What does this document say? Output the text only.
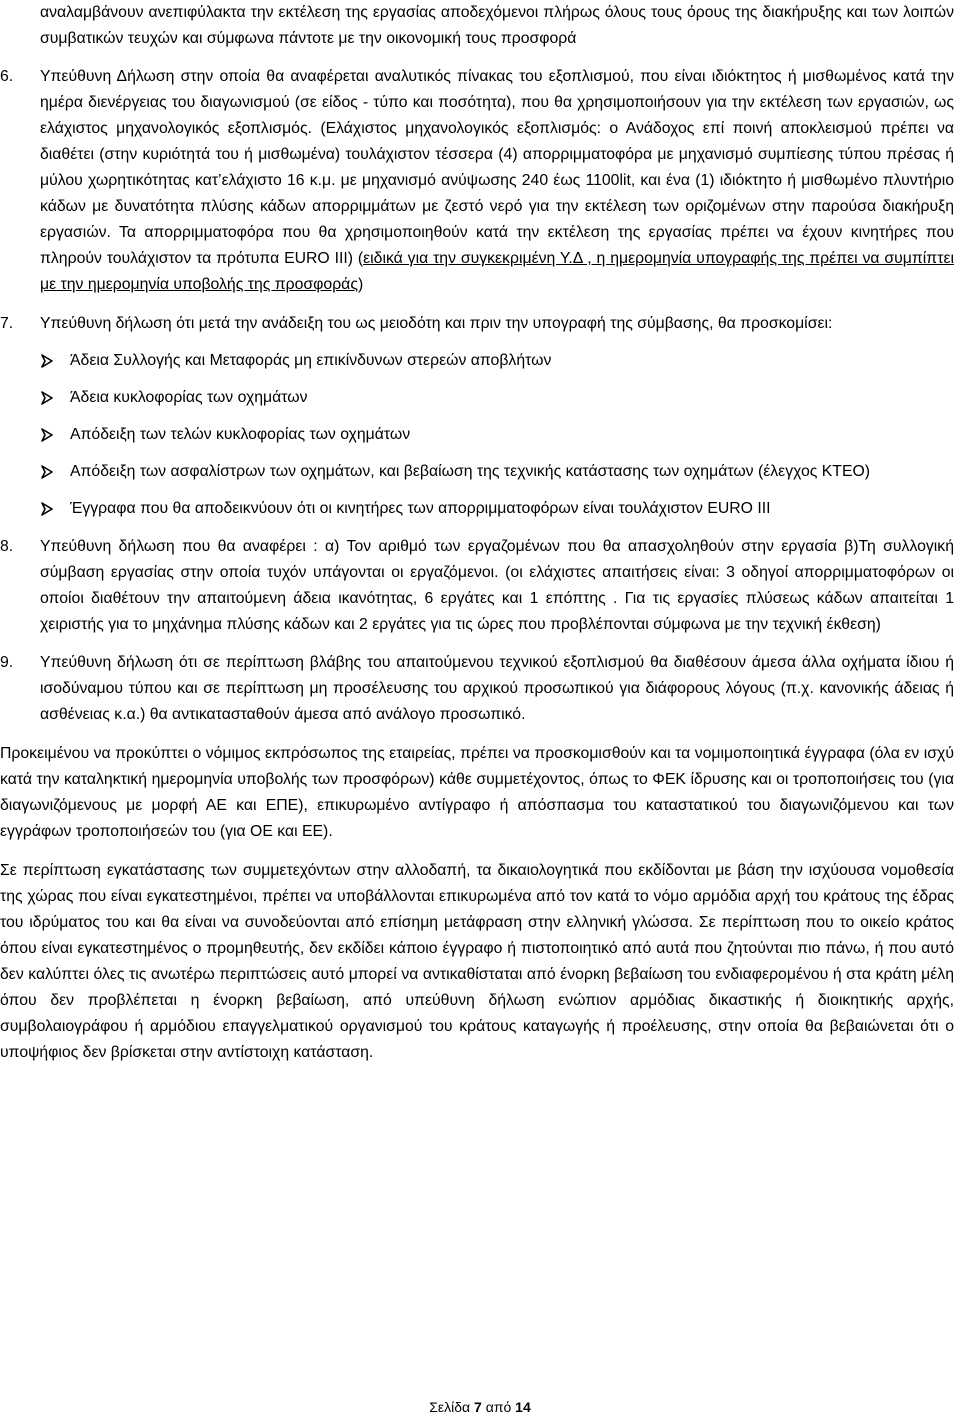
αναλαμβάνουν ανεπιφύλακτα την εκτέλεση της εργασίας αποδεχόμενοι πλήρως όλους τους όρους της διακήρυξης και των λοιπών συμβατικών τευχών και σύμφωνα πάντοτε με την οικονομική τους προσφορά

6.	Υπεύθυνη Δήλωση στην οποία θα αναφέρεται αναλυτικός πίνακας του εξοπλισμού, που είναι ιδιόκτητος ή μισθωμένος κατά την ημέρα διενέργειας του διαγωνισμού (σε είδος - τύπο και ποσότητα), που θα χρησιμοποιήσουν για την εκτέλεση των εργασιών, ως ελάχιστος μηχανολογικός εξοπλισμός. (Ελάχιστος μηχανολογικός εξοπλισμός: ο Ανάδοχος επί ποινή αποκλεισμού πρέπει να διαθέτει (στην κυριότητά του ή μισθωμένα) τουλάχιστον τέσσερα (4) απορριμματοφόρα με μηχανισμό συμπίεσης τύπου πρέσας ή μύλου χωρητικότητας κατ’ελάχιστο 16 κ.μ. με μηχανισμό ανύψωσης 240 έως 1100lit, και ένα (1) ιδιόκτητο ή μισθωμένο πλυντήριο κάδων με δυνατότητα πλύσης κάδων απορριμμάτων με ζεστό νερό για την εκτέλεση των οριζομένων στην παρούσα διακήρυξη εργασιών. Τα απορριμματοφόρα που θα χρησιμοποιηθούν κατά την εκτέλεση της εργασίας πρέπει να έχουν κινητήρες που πληρούν τουλάχιστον τα πρότυπα EURO III) (ειδικά για την συγκεκριμένη Υ.Δ , η ημερομηνία υπογραφής της πρέπει να συμπίπτει με την ημερομηνία υποβολής της προσφοράς)
7.	Υπεύθυνη δήλωση ότι μετά την ανάδειξη του ως μειοδότη και πριν την υπογραφή της σύμβασης, θα προσκομίσει:
Άδεια Συλλογής και Μεταφοράς μη επικίνδυνων στερεών αποβλήτων
Άδεια κυκλοφορίας των οχημάτων
Απόδειξη των τελών κυκλοφορίας των οχημάτων
Απόδειξη των ασφαλίστρων των οχημάτων, και βεβαίωση της τεχνικής κατάστασης των οχημάτων (έλεγχος ΚΤΕΟ)
Έγγραφα που θα αποδεικνύουν ότι οι κινητήρες των απορριμματοφόρων είναι τουλάχιστον EURO III
8.	Υπεύθυνη δήλωση που θα αναφέρει : α) Τον αριθμό των εργαζομένων που θα απασχοληθούν στην εργασία β)Τη συλλογική σύμβαση εργασίας στην οποία τυχόν υπάγονται οι εργαζόμενοι. (οι ελάχιστες απαιτήσεις είναι: 3 οδηγοί απορριμματοφόρων οι οποίοι διαθέτουν την απαιτούμενη άδεια ικανότητας, 6 εργάτες και 1 επόπτης . Για τις εργασίες πλύσεως κάδων απαιτείται 1 χειριστής για το μηχάνημα πλύσης κάδων και 2 εργάτες για τις ώρες που προβλέπονται σύμφωνα με την τεχνική έκθεση)
9.	Υπεύθυνη δήλωση ότι σε περίπτωση βλάβης του απαιτούμενου τεχνικού εξοπλισμού θα διαθέσουν άμεσα άλλα οχήματα ίδιου ή ισοδύναμου τύπου και σε περίπτωση μη προσέλευσης του αρχικού προσωπικού για διάφορους λόγους (π.χ. κανονικής άδειας ή ασθένειας κ.α.) θα αντικατασταθούν άμεσα από ανάλογο προσωπικό.

Προκειμένου να προκύπτει ο νόμιμος εκπρόσωπος της εταιρείας, πρέπει να προσκομισθούν και τα νομιμοποιητικά έγγραφα (όλα εν ισχύ κατά την καταληκτική ημερομηνία υποβολής των προσφόρων) κάθε συμμετέχοντος, όπως το ΦΕΚ ίδρυσης και οι τροποποιήσεις του (για διαγωνιζόμενους με μορφή ΑΕ και ΕΠΕ), επικυρωμένο αντίγραφο ή απόσπασμα του καταστατικού του διαγωνιζόμενου και των εγγράφων τροποποιήσεών του (για ΟΕ και ΕΕ).

Σε περίπτωση εγκατάστασης των συμμετεχόντων στην αλλοδαπή, τα δικαιολογητικά που εκδίδονται με βάση την ισχύουσα νομοθεσία της χώρας που είναι εγκατεστημένοι, πρέπει να υποβάλλονται επικυρωμένα από τον κατά το νόμο αρμόδια αρχή του κράτους της έδρας του ιδρύματος του και θα είναι να συνοδεύονται από επίσημη μετάφραση στην ελληνική γλώσσα. Σε περίπτωση που το οικείο κράτος όπου είναι εγκατεστημένος ο προμηθευτής, δεν εκδίδει κάποιο έγγραφο ή πιστοποιητικό από αυτά που ζητούνται πιο πάνω, ή που αυτό δεν καλύπτει όλες τις ανωτέρω περιπτώσεις αυτό μπορεί να αντικαθίσταται από ένορκη βεβαίωση του ενδιαφερομένου ή στα κράτη μέλη όπου δεν προβλέπεται η ένορκη βεβαίωση, από υπεύθυνη δήλωση ενώπιον αρμόδιας δικαστικής ή διοικητικής αρχής, συμβολαιογράφου ή αρμόδιου επαγγελματικού οργανισμού του κράτους καταγωγής ή προέλευσης, στην οποία θα βεβαιώνεται ότι ο υποψήφιος δεν βρίσκεται στην αντίστοιχη κατάσταση.

Σελίδα 7 από 14
